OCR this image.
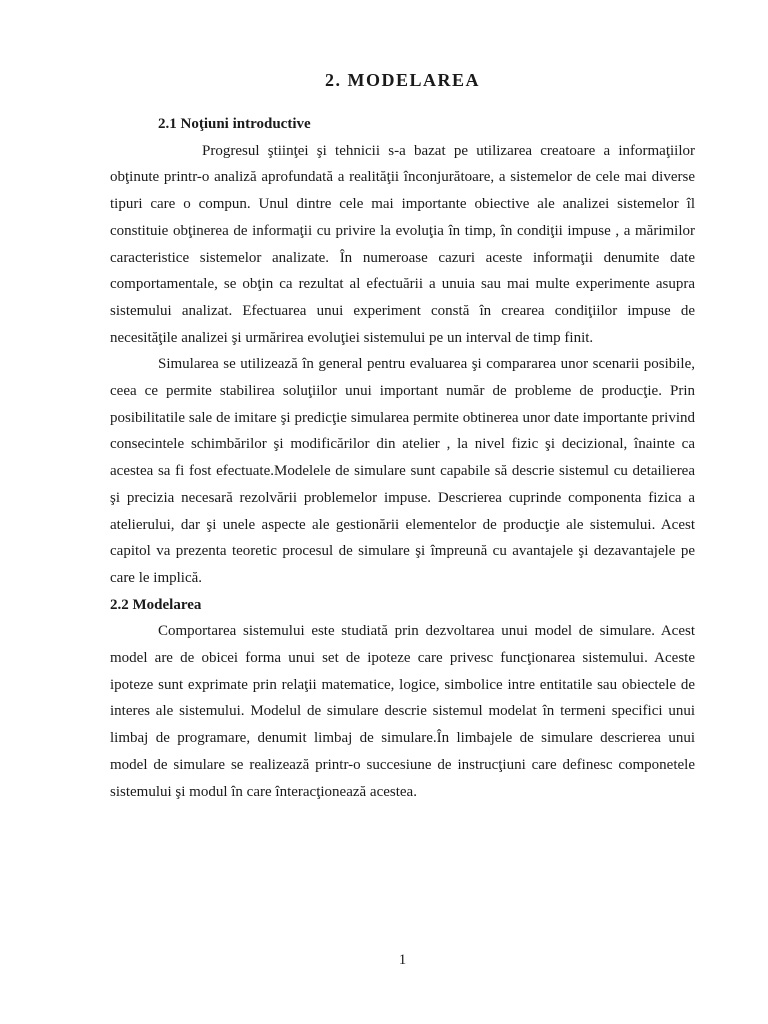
2. MODELAREA
2.1 Noţiuni introductive

Progresul ştiinţei şi tehnicii s-a bazat pe utilizarea creatoare a informaţiilor obţinute printr-o analiză aprofundată a realităţii înconjurătoare, a sistemelor de cele mai diverse tipuri care o compun. Unul dintre cele mai importante obiective ale analizei sistemelor îl constituie obţinerea de informaţii cu privire la evoluţia în timp, în condiţii impuse , a mărimilor caracteristice sistemelor analizate. În numeroase cazuri aceste informaţii denumite date comportamentale, se obţin ca rezultat al efectuării a unuia sau mai multe experimente asupra sistemului analizat. Efectuarea unui experiment constă în crearea condiţiilor impuse de necesităţile analizei şi urmărirea evoluţiei sistemului pe un interval de timp finit.

Simularea se utilizează în general pentru evaluarea şi compararea unor scenarii posibile, ceea ce permite stabilirea soluţiilor unui important număr de probleme de producţie. Prin posibilitatile sale de imitare şi predicţie simularea permite obtinerea unor date importante privind consecintele schimbărilor şi modificărilor din atelier , la nivel fizic şi decizional, înainte ca acestea sa fi fost efectuate.Modelele de simulare sunt capabile să descrie sistemul cu detailierea şi precizia necesară rezolvării problemelor impuse. Descrierea cuprinde componenta fizica a atelierului, dar şi unele aspecte ale gestionării elementelor de producţie ale sistemului. Acest capitol va prezenta teoretic procesul de simulare şi împreună cu avantajele şi dezavantajele pe care le implică.

2.2 Modelarea

Comportarea sistemului este studiată prin dezvoltarea unui model de simulare. Acest model are de obicei forma unui set de ipoteze care privesc funcţionarea sistemului. Aceste ipoteze sunt exprimate prin relaţii matematice, logice, simbolice intre entitatile sau obiectele de interes ale sistemului. Modelul de simulare descrie sistemul modelat în termeni specifici unui limbaj de programare, denumit limbaj de simulare.În limbajele de simulare descrierea unui model de simulare se realizează printr-o succesiune de instrucţiuni care definesc componetele sistemului şi modul în care înteracţionează acestea.

1
